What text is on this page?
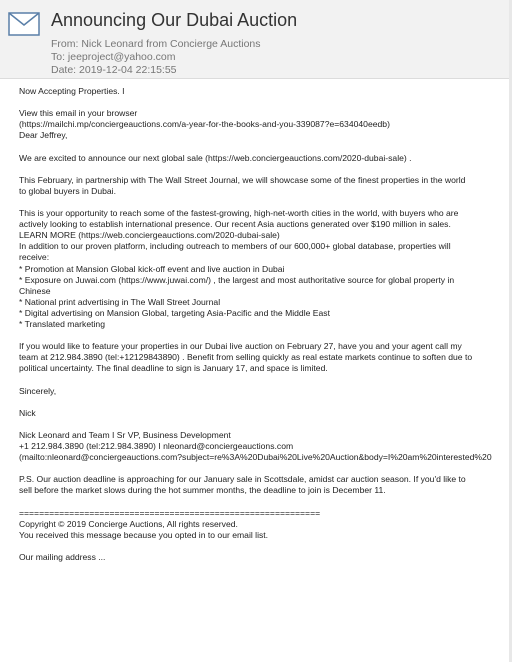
Announcing Our Dubai Auction
From: Nick Leonard from Concierge Auctions
To: jeeproject@yahoo.com
Date: 2019-12-04 22:15:55

Now Accepting Properties. I

View this email in your browser
(https://mailchi.mp/conciergeauctions.com/a-year-for-the-books-and-you-339087?e=634040eedb)
Dear Jeffrey,

We are excited to announce our next global sale (https://web.conciergeauctions.com/2020-dubai-sale) .

This February, in partnership with The Wall Street Journal, we will showcase some of the finest properties in the world
to global buyers in Dubai.

This is your opportunity to reach some of the fastest-growing, high-net-worth cities in the world, with buyers who are
actively looking to establish international presence. Our recent Asia auctions generated over $190 million in sales.
LEARN MORE (https://web.conciergeauctions.com/2020-dubai-sale)
In addition to our proven platform, including outreach to members of our 600,000+ global database, properties will
receive:
* Promotion at Mansion Global kick-off event and live auction in Dubai
* Exposure on Juwai.com (https://www.juwai.com/) , the largest and most authoritative source for global property in
Chinese
* National print advertising in The Wall Street Journal
* Digital advertising on Mansion Global, targeting Asia-Pacific and the Middle East
* Translated marketing

If you would like to feature your properties in our Dubai live auction on February 27, have you and your agent call my
team at 212.984.3890 (tel:+12129843890) . Benefit from selling quickly as real estate markets continue to soften due to
political uncertainty. The final deadline to sign is January 17, and space is limited.

Sincerely,

Nick

Nick Leonard and Team I Sr VP, Business Development
+1 212.984.3890 (tel:212.984.3890) I nleonard@conciergeauctions.com
(mailto:nleonard@conciergeauctions.com?subject=re%3A%20Dubai%20Live%20Auction&body=I%20am%20interested%20

P.S. Our auction deadline is approaching for our January sale in Scottsdale, amidst car auction season. If you'd like to
sell before the market slows during the hot summer months, the deadline to join is December 11.

============================================================
Copyright © 2019 Concierge Auctions, All rights reserved.
You received this message because you opted in to our email list.

Our mailing address ...
